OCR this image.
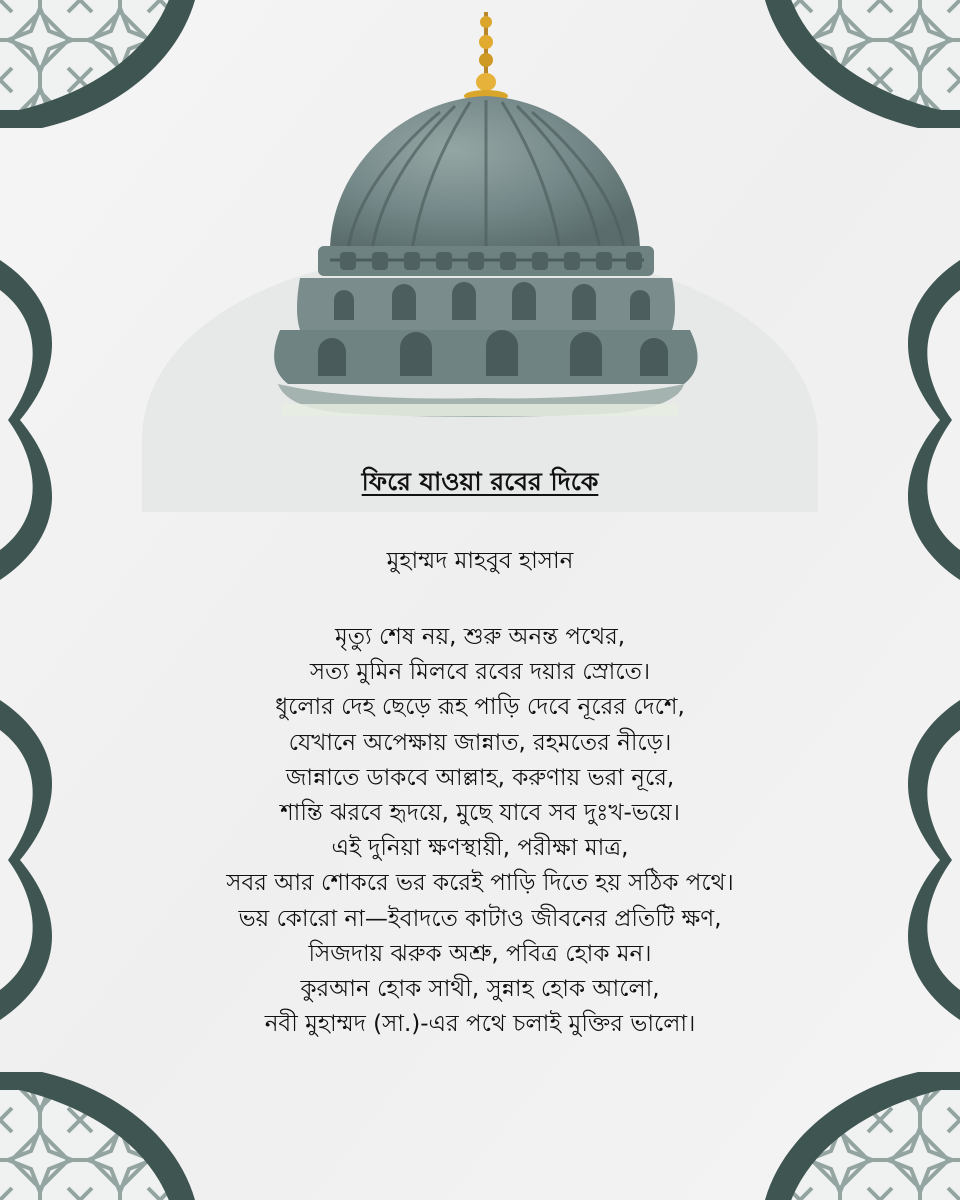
ফিরে যাওয়া রবের দিকে
মুহাম্মদ মাহবুব হাসান
মৃত্যু শেষ নয়, শুরু অনন্ত পথের,
সত্য মুমিন মিলবে রবের দয়ার স্রোতে।
ধুলোর দেহ ছেড়ে রূহ পাড়ি দেবে নূরের দেশে,
যেখানে অপেক্ষায় জান্নাত, রহমতের নীড়ে।
জান্নাতে ডাকবে আল্লাহ, করুণায় ভরা নূরে,
শান্তি ঝরবে হৃদয়ে, মুছে যাবে সব দুঃখ-ভয়ে।
এই দুনিয়া ক্ষণস্থায়ী, পরীক্ষা মাত্র,
সবর আর শোকরে ভর করেই পাড়ি দিতে হয় সঠিক পথে।
ভয় কোরো না—ইবাদতে কাটাও জীবনের প্রতিটি ক্ষণ,
সিজদায় ঝরুক অশ্রু, পবিত্র হোক মন।
কুরআন হোক সাথী, সুন্নাহ হোক আলো,
নবী মুহাম্মদ (সা.)-এর পথে চলাই মুক্তির ভালো।
